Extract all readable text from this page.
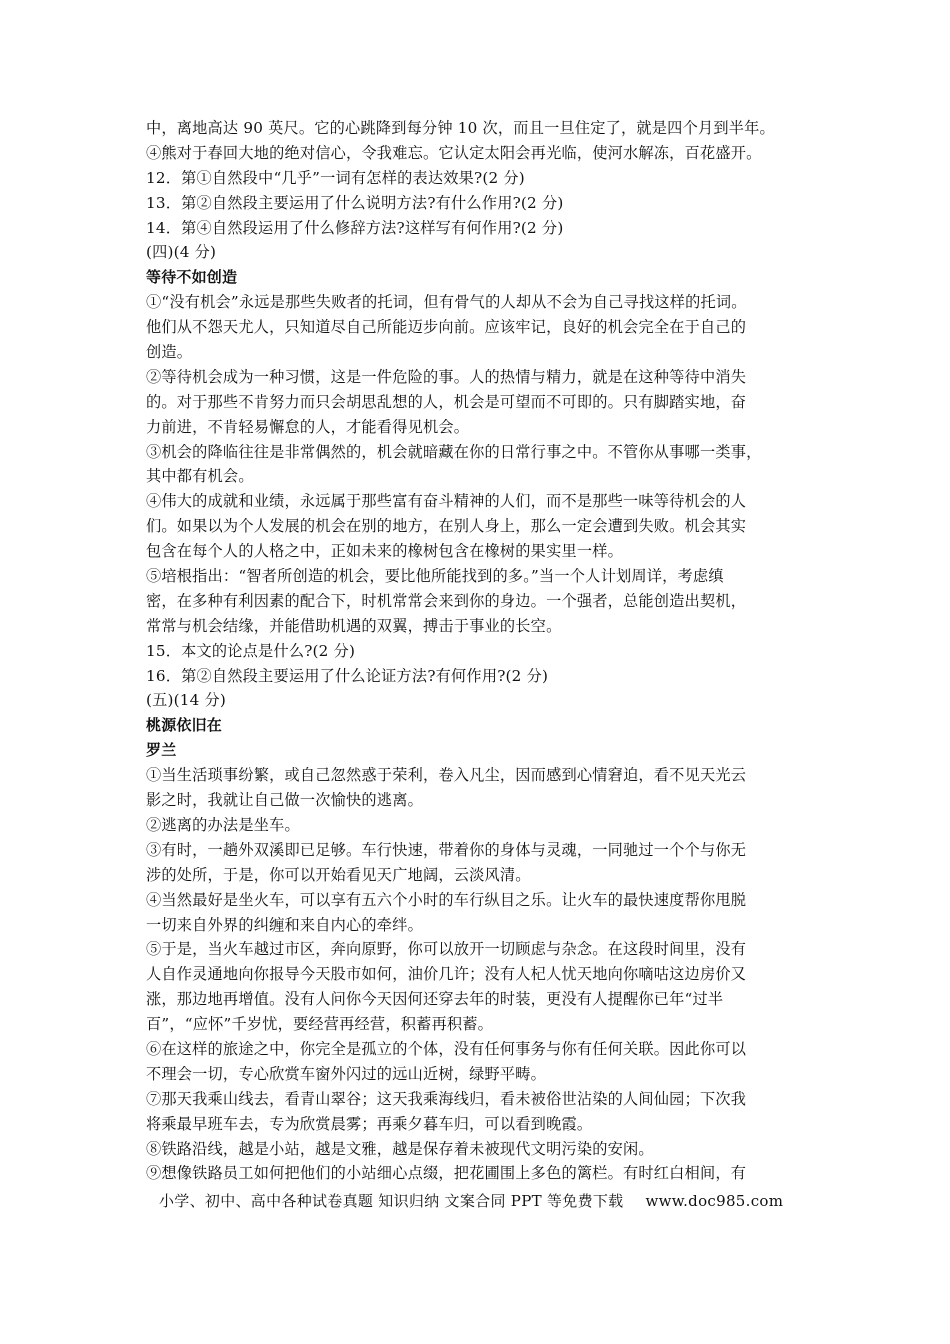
中，离地高达 90 英尺。它的心跳降到每分钟 10 次，而且一旦住定了，就是四个月到半年。
④熊对于春回大地的绝对信心，令我难忘。它认定太阳会再光临，使河水解冻，百花盛开。
12．第①自然段中“几乎”一词有怎样的表达效果?(2 分)
13．第②自然段主要运用了什么说明方法?有什么作用?(2 分)
14．第④自然段运用了什么修辞方法?这样写有何作用?(2 分)
(四)(4 分)
等待不如创造
①“没有机会”永远是那些失败者的托词，但有骨气的人却从不会为自己寻找这样的托词。
他们从不怨天尤人，只知道尽自己所能迈步向前。应该牢记，良好的机会完全在于自己的
创造。
②等待机会成为一种习惯，这是一件危险的事。人的热情与精力，就是在这种等待中消失
的。对于那些不肯努力而只会胡思乱想的人，机会是可望而不可即的。只有脚踏实地，奋
力前进，不肯轻易懈怠的人，才能看得见机会。
③机会的降临往往是非常偶然的，机会就暗藏在你的日常行事之中。不管你从事哪一类事，
其中都有机会。
④伟大的成就和业绩，永远属于那些富有奋斗精神的人们，而不是那些一味等待机会的人
们。如果以为个人发展的机会在别的地方，在别人身上，那么一定会遭到失败。机会其实
包含在每个人的人格之中，正如未来的橡树包含在橡树的果实里一样。
⑤培根指出：“智者所创造的机会，要比他所能找到的多。”当一个人计划周详，考虑缜
密，在多种有利因素的配合下，时机常常会来到你的身边。一个强者，总能创造出契机，
常常与机会结缘，并能借助机遇的双翼，搏击于事业的长空。
15．本文的论点是什么?(2 分)
16．第②自然段主要运用了什么论证方法?有何作用?(2 分)
(五)(14 分)
桃源依旧在
罗兰
①当生活琐事纷繁，或自己忽然惑于荣利，卷入凡尘，因而感到心情窘迫，看不见天光云
影之时，我就让自己做一次愉快的逃离。
②逃离的办法是坐车。
③有时，一趟外双溪即已足够。车行快速，带着你的身体与灵魂，一同驰过一个个与你无
涉的处所，于是，你可以开始看见天广地阔，云淡风清。
④当然最好是坐火车，可以享有五六个小时的车行纵目之乐。让火车的最快速度帮你甩脱
一切来自外界的纠缠和来自内心的牵绊。
⑤于是，当火车越过市区，奔向原野，你可以放开一切顾虑与杂念。在这段时间里，没有
人自作灵通地向你报导今天股市如何，油价几许；没有人杞人忧天地向你嘀咕这边房价又
涨，那边地再增值。没有人问你今天因何还穿去年的时装，更没有人提醒你已年“过半
百”，“应怀”千岁忧，要经营再经营，积蓄再积蓄。
⑥在这样的旅途之中，你完全是孤立的个体，没有任何事务与你有任何关联。因此你可以
不理会一切，专心欣赏车窗外闪过的远山近树，绿野平畴。
⑦那天我乘山线去，看青山翠谷；这天我乘海线归，看未被俗世沾染的人间仙园；下次我
将乘最早班车去，专为欣赏晨雾；再乘夕暮车归，可以看到晚霞。
⑧铁路沿线，越是小站，越是文雅，越是保存着未被现代文明污染的安闲。
⑨想像铁路员工如何把他们的小站细心点缀，把花圃围上多色的篱栏。有时红白相间，有
小学、初中、高中各种试卷真题 知识归纳 文案合同 PPT 等免费下载 www.doc985.com
